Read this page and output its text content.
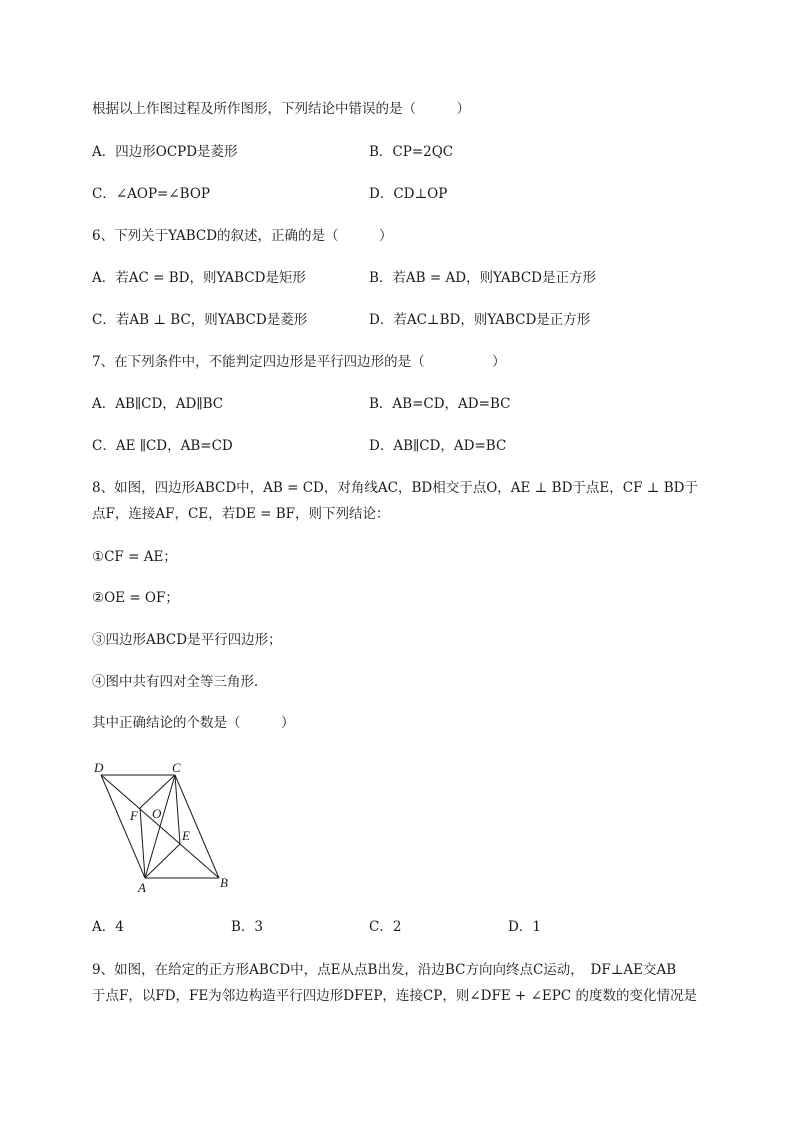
根据以上作图过程及所作图形，下列结论中错误的是（　　　）
A．四边形OCPD是菱形	B．CP=2QC
C．∠AOP=∠BOP	D．CD⊥OP
6、下列关于YABCD的叙述，正确的是（　　　）
A．若AC = BD，则YABCD是矩形	B．若AB = AD，则YABCD是正方形
C．若AB ⊥ BC，则YABCD是菱形	D．若AC⊥BD，则YABCD是正方形
7、在下列条件中，不能判定四边形是平行四边形的是（　　　　　）
A．AB∥CD，AD∥BC	B．AB=CD，AD=BC
C．AE ∥CD，AB=CD	D．AB∥CD，AD=BC
8、如图，四边形ABCD中，AB = CD，对角线AC，BD相交于点O，AE ⊥ BD于点E，CF ⊥ BD于
点F，连接AF，CE，若DE = BF，则下列结论：
①CF = AE；
②OE = OF；
③四边形ABCD是平行四边形；
④图中共有四对全等三角形．
其中正确结论的个数是（　　　）
D	C
F O
E
A	B
A．4	B．3	C．2	D．1
9、如图，在给定的正方形ABCD中，点E从点B出发，沿边BC方向向终点C运动，　DF⊥AE交AB
于点F，以FD，FE为邻边构造平行四边形DFEP，连接CP，则∠DFE + ∠EPC 的度数的变化情况是
